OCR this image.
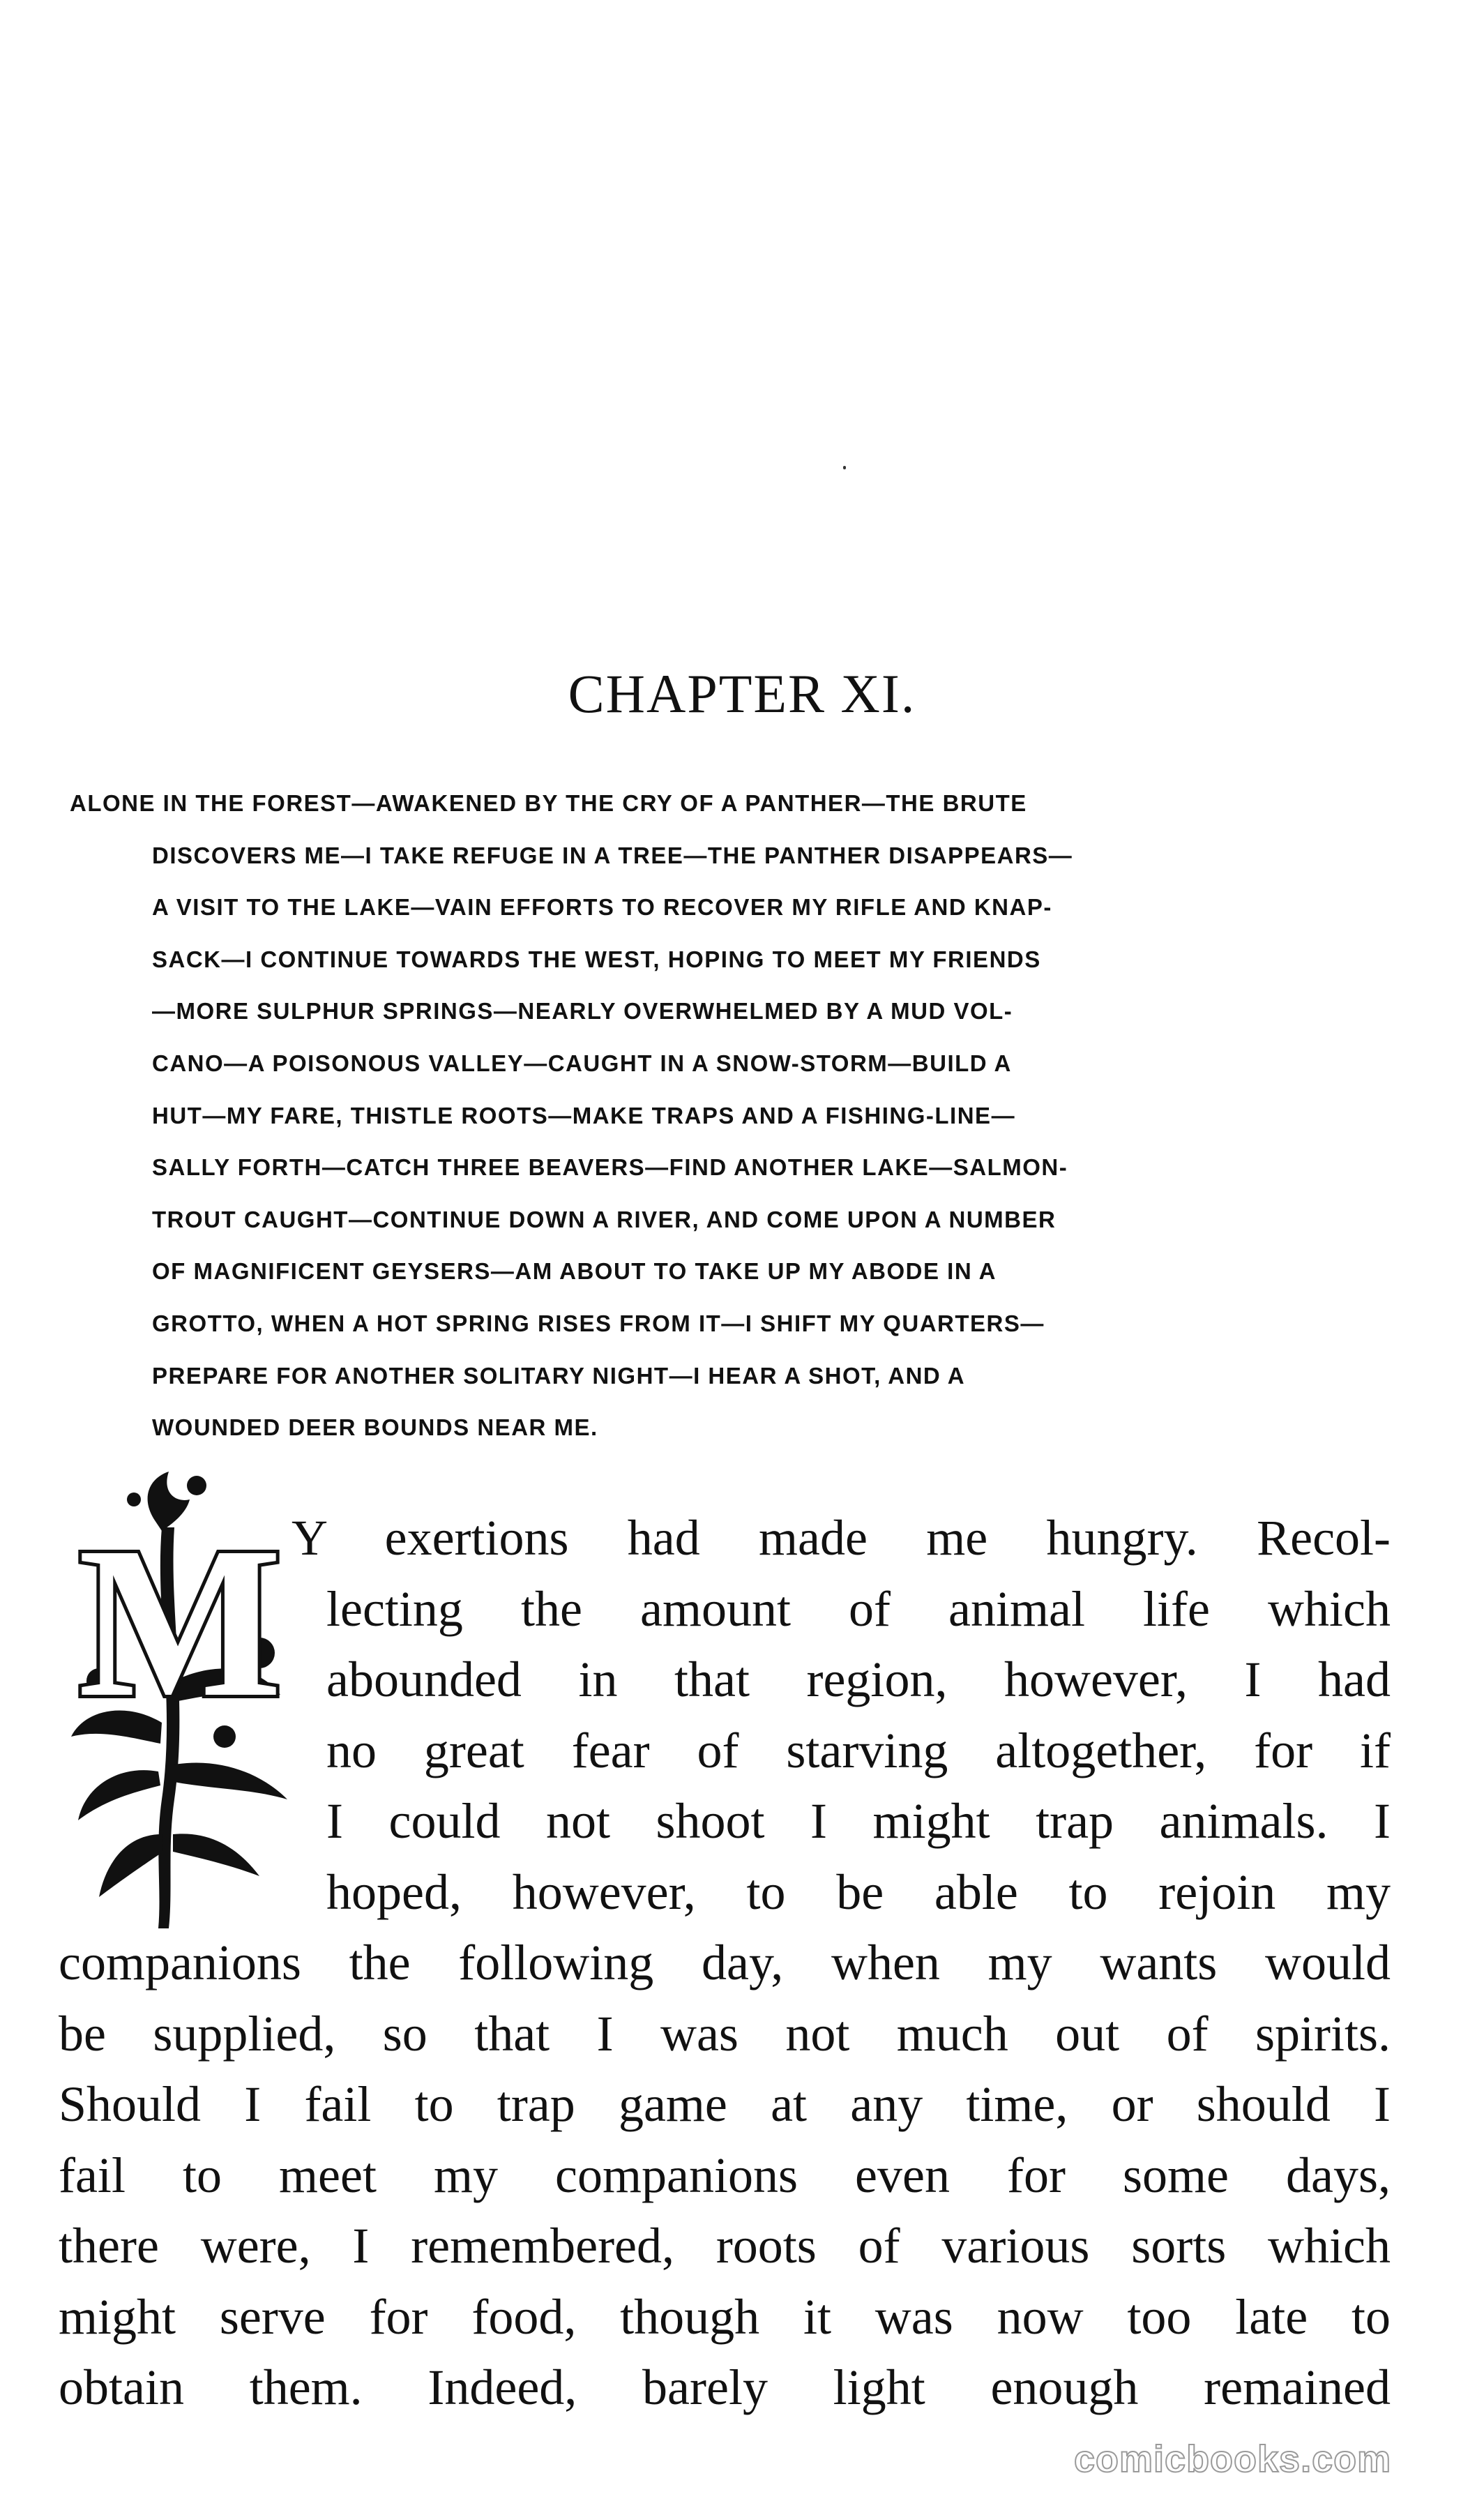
CHAPTER XI.
ALONE IN THE FOREST—AWAKENED BY THE CRY OF A PANTHER—THE BRUTE
DISCOVERS ME—I TAKE REFUGE IN A TREE—THE PANTHER DISAPPEARS—
A VISIT TO THE LAKE—VAIN EFFORTS TO RECOVER MY RIFLE AND KNAP-
SACK—I CONTINUE TOWARDS THE WEST, HOPING TO MEET MY FRIENDS
—MORE SULPHUR SPRINGS—NEARLY OVERWHELMED BY A MUD VOL-
CANO—A POISONOUS VALLEY—CAUGHT IN A SNOW-STORM—BUILD A
HUT—MY FARE, THISTLE ROOTS—MAKE TRAPS AND A FISHING-LINE—
SALLY FORTH—CATCH THREE BEAVERS—FIND ANOTHER LAKE—SALMON-
TROUT CAUGHT—CONTINUE DOWN A RIVER, AND COME UPON A NUMBER
OF MAGNIFICENT GEYSERS—AM ABOUT TO TAKE UP MY ABODE IN A
GROTTO, WHEN A HOT SPRING RISES FROM IT—I SHIFT MY QUARTERS—
PREPARE FOR ANOTHER SOLITARY NIGHT—I HEAR A SHOT, AND A
WOUNDED DEER BOUNDS NEAR ME.
M Y exertions had made me hungry. Recol-
lecting the amount of animal life which
abounded in that region, however, I had
no great fear of starving altogether, for if
I could not shoot I might trap animals. I
hoped, however, to be able to rejoin my
companions the following day, when my wants would
be supplied, so that I was not much out of spirits.
Should I fail to trap game at any time, or should I
fail to meet my companions even for some days,
there were, I remembered, roots of various sorts which
might serve for food, though it was now too late to
obtain them. Indeed, barely light enough remained
comicbooks.com
